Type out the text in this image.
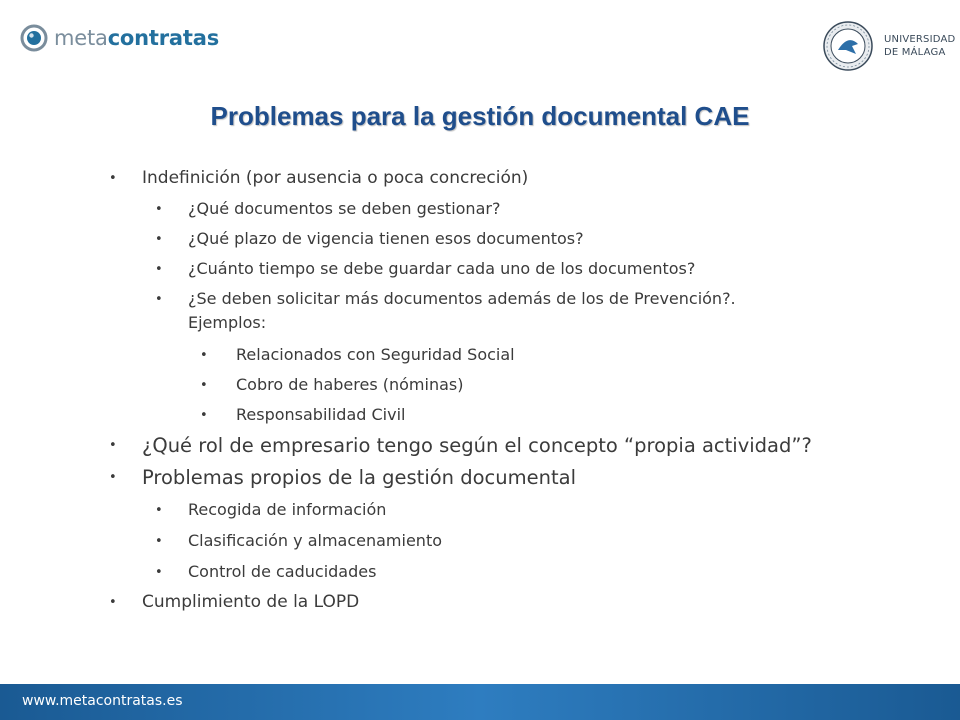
metacontratas	UNIVERSIDAD
DE MÁLAGA
Problemas para la gestión documental CAE
• Indefinición (por ausencia o poca concreción)
• ¿Qué documentos se deben gestionar?
• ¿Qué plazo de vigencia tienen esos documentos?
• ¿Cuánto tiempo se debe guardar cada uno de los documentos?
• ¿Se deben solicitar más documentos además de los de Prevención?.
Ejemplos:
• Relacionados con Seguridad Social
• Cobro de haberes (nóminas)
• Responsabilidad Civil
• ¿Qué rol de empresario tengo según el concepto “propia actividad”?
• Problemas propios de la gestión documental
• Recogida de información
• Clasificación y almacenamiento
• Control de caducidades
• Cumplimiento de la LOPD
www.metacontratas.es
